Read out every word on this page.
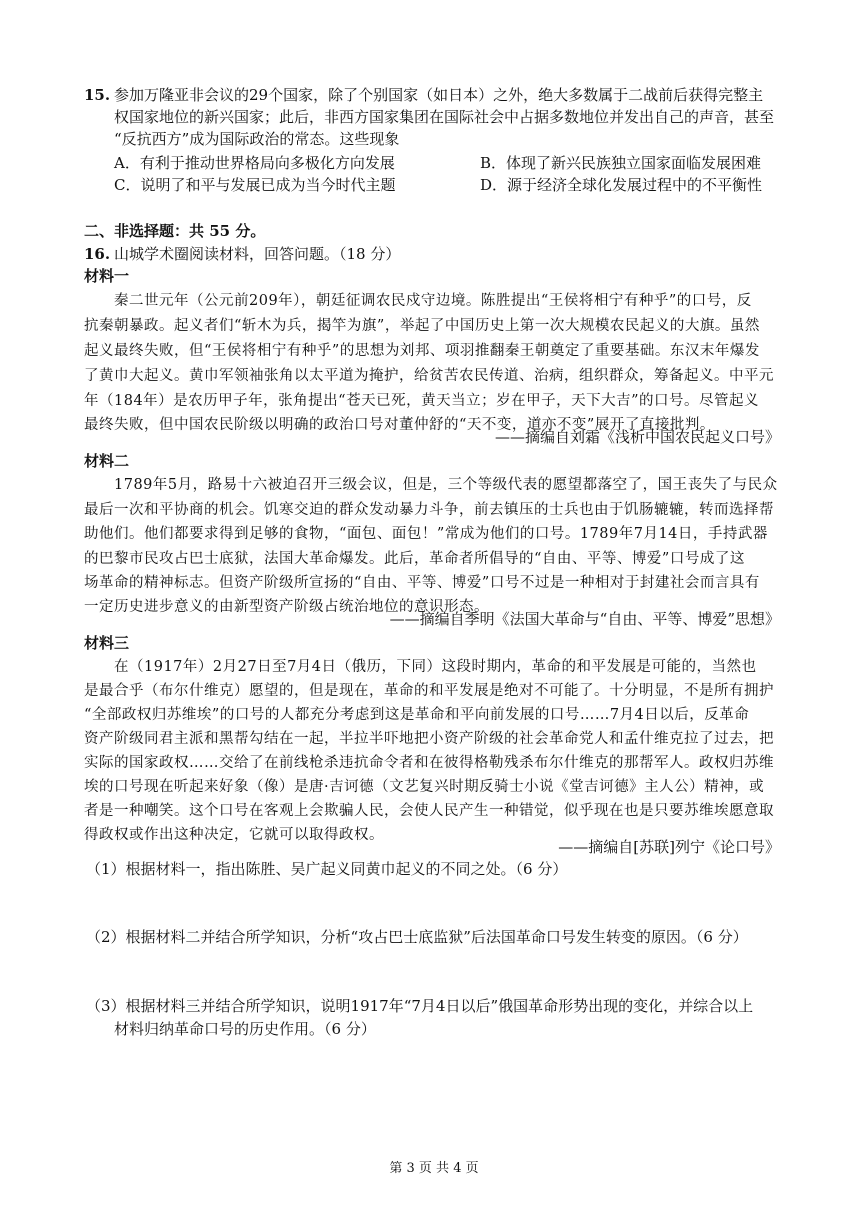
15. 参加万隆亚非会议的29个国家，除了个别国家（如日本）之外，绝大多数属于二战前后获得完整主
权国家地位的新兴国家；此后，非西方国家集团在国际社会中占据多数地位并发出自己的声音，甚至
“反抗西方”成为国际政治的常态。这些现象
A．有利于推动世界格局向多极化方向发展	B．体现了新兴民族独立国家面临发展困难
C．说明了和平与发展已成为当今时代主题	D．源于经济全球化发展过程中的不平衡性
二、非选择题：共 55 分。
16. 山城学术圈阅读材料，回答问题。（18 分）
材料一
秦二世元年（公元前209年），朝廷征调农民戍守边境。陈胜提出“王侯将相宁有种乎”的口号，反
抗秦朝暴政。起义者们“斩木为兵，揭竿为旗”，举起了中国历史上第一次大规模农民起义的大旗。虽然
起义最终失败，但“王侯将相宁有种乎”的思想为刘邦、项羽推翻秦王朝奠定了重要基础。东汉末年爆发
了黄巾大起义。黄巾军领袖张角以太平道为掩护，给贫苦农民传道、治病，组织群众，筹备起义。中平元
年（184年）是农历甲子年，张角提出“苍天已死，黄天当立；岁在甲子，天下大吉”的口号。尽管起义
最终失败，但中国农民阶级以明确的政治口号对董仲舒的“天不变，道亦不变”展开了直接批判。
——摘编自刘霜《浅析中国农民起义口号》
材料二
1789年5月，路易十六被迫召开三级会议，但是，三个等级代表的愿望都落空了，国王丧失了与民众
最后一次和平协商的机会。饥寒交迫的群众发动暴力斗争，前去镇压的士兵也由于饥肠辘辘，转而选择帮
助他们。他们都要求得到足够的食物，“面包、面包！”常成为他们的口号。1789年7月14日，手持武器
的巴黎市民攻占巴士底狱，法国大革命爆发。此后，革命者所倡导的“自由、平等、博爱”口号成了这
场革命的精神标志。但资产阶级所宣扬的“自由、平等、博爱”口号不过是一种相对于封建社会而言具有
一定历史进步意义的由新型资产阶级占统治地位的意识形态。
——摘编自季明《法国大革命与“自由、平等、博爱”思想》
材料三
在（1917年）2月27日至7月4日（俄历，下同）这段时期内，革命的和平发展是可能的，当然也
是最合乎（布尔什维克）愿望的，但是现在，革命的和平发展是绝对不可能了。十分明显，不是所有拥护
“全部政权归苏维埃”的口号的人都充分考虑到这是革命和平向前发展的口号……7月4日以后，反革命
资产阶级同君主派和黑帮勾结在一起，半拉半吓地把小资产阶级的社会革命党人和孟什维克拉了过去，把
实际的国家政权……交给了在前线枪杀违抗命令者和在彼得格勒残杀布尔什维克的那帮军人。政权归苏维
埃的口号现在听起来好象（像）是唐·吉诃德（文艺复兴时期反骑士小说《堂吉诃德》主人公）精神，或
者是一种嘲笑。这个口号在客观上会欺骗人民，会使人民产生一种错觉，似乎现在也是只要苏维埃愿意取
得政权或作出这种决定，它就可以取得政权。
——摘编自[苏联]列宁《论口号》
（1）根据材料一，指出陈胜、吴广起义同黄巾起义的不同之处。（6 分）
（2）根据材料二并结合所学知识，分析“攻占巴士底监狱”后法国革命口号发生转变的原因。（6 分）
（3）根据材料三并结合所学知识，说明1917年“7月4日以后”俄国革命形势出现的变化，并综合以上
材料归纳革命口号的历史作用。（6 分）
第 3 页 共 4 页
